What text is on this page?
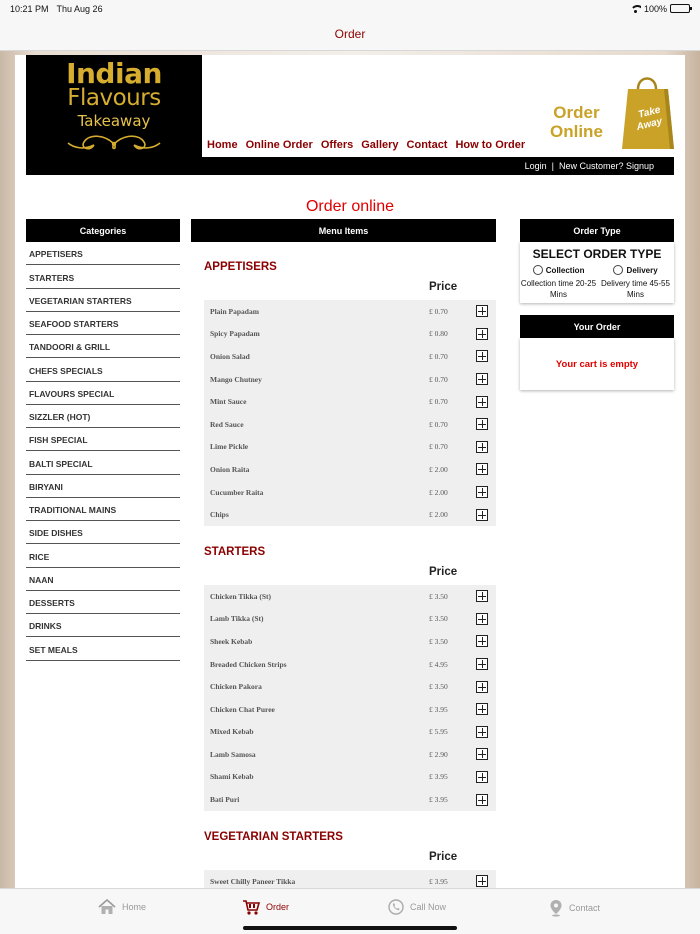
10:21 PM Thu Aug 26	100%
Order
Indian
Flavours
Takeaway
Home Online Order Offers Gallery Contact How to Order
Order
Online
Take
Away
Login | New Customer? Signup
Order online
Categories
APPETISERS
STARTERS
VEGETARIAN STARTERS
SEAFOOD STARTERS
TANDOORI & GRILL
CHEFS SPECIALS
FLAVOURS SPECIAL
SIZZLER (HOT)
FISH SPECIAL
BALTI SPECIAL
BIRYANI
TRADITIONAL MAINS
SIDE DISHES
RICE
NAAN
DESSERTS
DRINKS
SET MEALS
Menu Items
APPETISERS
Price
Plain Papadam	£ 0.70
Spicy Papadam	£ 0.80
Onion Salad	£ 0.70
Mango Chutney	£ 0.70
Mint Sauce	£ 0.70
Red Sauce	£ 0.70
Lime Pickle	£ 0.70
Onion Raita	£ 2.00
Cucumber Raita	£ 2.00
Chips	£ 2.00
STARTERS
Price
Chicken Tikka (St)	£ 3.50
Lamb Tikka (St)	£ 3.50
Sheek Kebab	£ 3.50
Breaded Chicken Strips	£ 4.95
Chicken Pakora	£ 3.50
Chicken Chat Puree	£ 3.95
Mixed Kebab	£ 5.95
Lamb Samosa	£ 2.90
Shami Kebab	£ 3.95
Bati Puri	£ 3.95
VEGETARIAN STARTERS
Price
Sweet Chilly Paneer Tikka	£ 3.95
Order Type
SELECT ORDER TYPE
Collection
Collection time 20-25 Mins
Delivery
Delivery time 45-55 Mins
Your Order
Your cart is empty
Home	Order	Call Now	Contact
